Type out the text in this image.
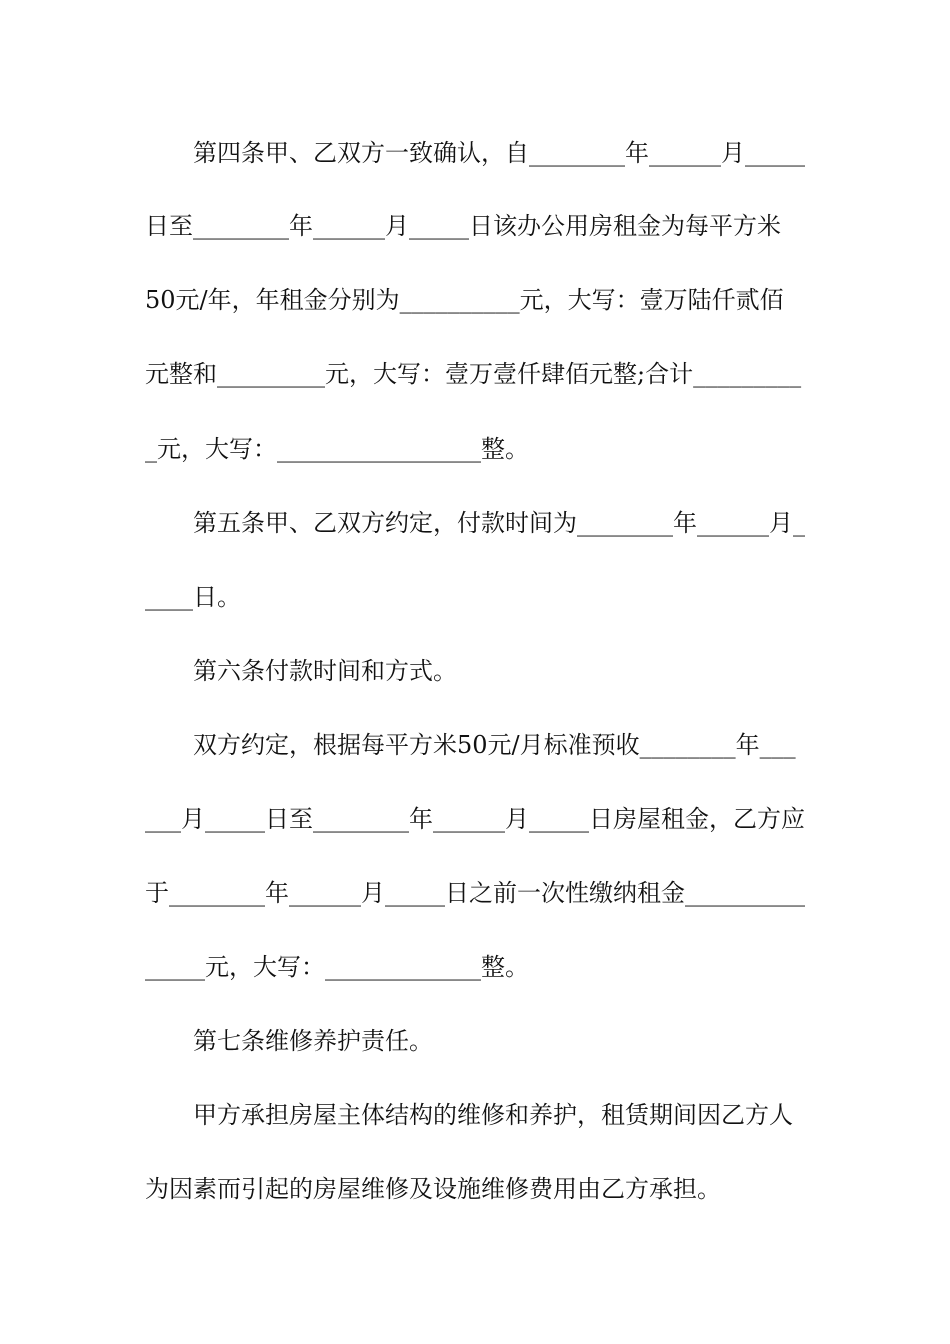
第四条甲、乙双方一致确认，自________年______月_____
日至________年______月_____日该办公用房租金为每平方米
50元/年，年租金分别为__________元，大写：壹万陆仟贰佰
元整和_________元，大写：壹万壹仟肆佰元整;合计_________
_元，大写：_________________整。
第五条甲、乙双方约定，付款时间为________年______月_
____日。
第六条付款时间和方式。
双方约定，根据每平方米50元/月标准预收________年___
___月_____日至________年______月_____日房屋租金，乙方应
于________年______月_____日之前一次性缴纳租金__________
_____元，大写：_____________整。
第七条维修养护责任。
甲方承担房屋主体结构的维修和养护，租赁期间因乙方人
为因素而引起的房屋维修及设施维修费用由乙方承担。
